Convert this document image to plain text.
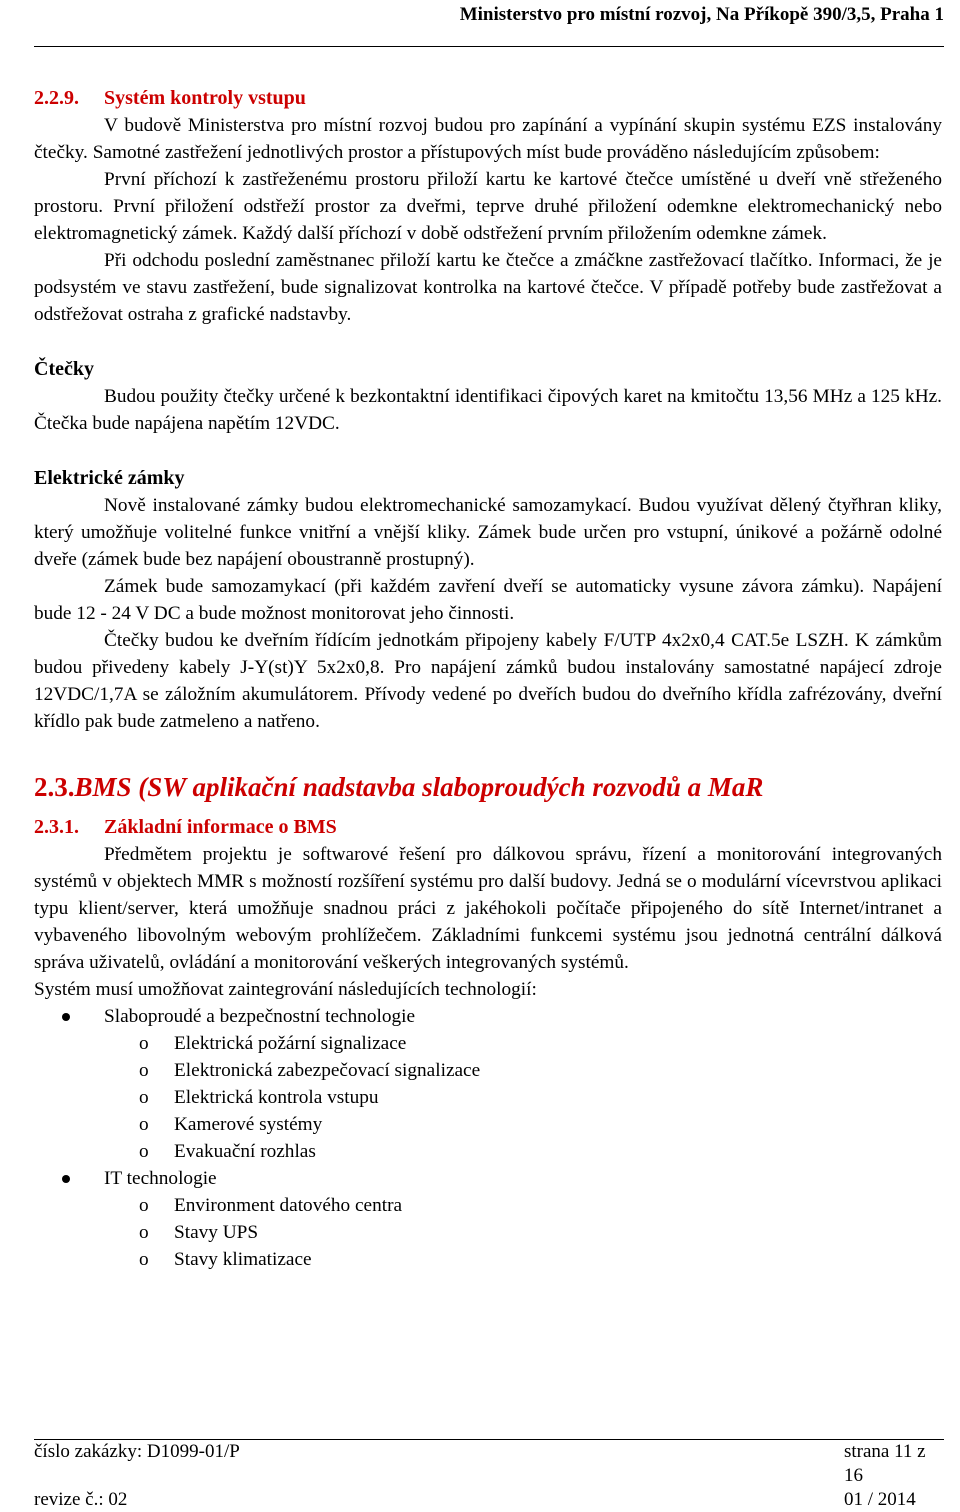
Ministerstvo pro místní rozvoj, Na Příkopě 390/3,5, Praha 1
2.2.9. Systém kontroly vstupu

V budově Ministerstva pro místní rozvoj budou pro zapínání a vypínání skupin systému EZS instalovány čtečky. Samotné zastřežení jednotlivých prostor a přístupových míst bude prováděno následujícím způsobem:

První příchozí k zastřeženému prostoru přiloží kartu ke kartové čtečce umístěné u dveří vně střeženého prostoru. První přiložení odstřeží prostor za dveřmi, teprve druhé přiložení odemkne elektromechanický nebo elektromagnetický zámek. Každý další příchozí v době odstřežení prvním přiložením odemkne zámek.

Při odchodu poslední zaměstnanec přiloží kartu ke čtečce a zmáčkne zastřežovací tlačítko. Informaci, že je podsystém ve stavu zastřežení, bude signalizovat kontrolka na kartové čtečce. V případě potřeby bude zastřežovat a odstřežovat ostraha z grafické nadstavby.

Čtečky

Budou použity čtečky určené k bezkontaktní identifikaci čipových karet na kmitočtu 13,56 MHz a 125 kHz. Čtečka bude napájena napětím 12VDC.

Elektrické zámky

Nově instalované zámky budou elektromechanické samozamykací. Budou využívat dělený čtyřhran kliky, který umožňuje volitelné funkce vnitřní a vnější kliky. Zámek bude určen pro vstupní, únikové a požárně odolné dveře (zámek bude bez napájení oboustranně prostupný).

Zámek bude samozamykací (při každém zavření dveří se automaticky vysune závora zámku). Napájení bude 12 - 24 V DC a bude možnost monitorovat jeho činnosti.

Čtečky budou ke dveřním řídícím jednotkám připojeny kabely F/UTP 4x2x0,4 CAT.5e LSZH. K zámkům budou přivedeny kabely J-Y(st)Y 5x2x0,8. Pro napájení zámků budou instalovány samostatné napájecí zdroje 12VDC/1,7A se záložním akumulátorem. Přívody vedené po dveřích budou do dveřního křídla zafrézovány, dveřní křídlo pak bude zatmeleno a natřeno.

2.3.BMS (SW aplikační nadstavba slaboproudých rozvodů a MaR
2.3.1. Základní informace o BMS

Předmětem projektu je softwarové řešení pro dálkovou správu, řízení a monitorování integrovaných systémů v objektech MMR s možností rozšíření systému pro další budovy. Jedná se o modulární vícevrstvou aplikaci typu klient/server, která umožňuje snadnou práci z jakéhokoli počítače připojeného do sítě Internet/intranet a vybaveného libovolným webovým prohlížečem. Základními funkcemi systému jsou jednotná centrální dálková správa uživatelů, ovládání a monitorování veškerých integrovaných systémů.

Systém musí umožňovat zaintegrování následujících technologií:

Slaboproudé a bezpečnostní technologie
o Elektrická požární signalizace
o Elektronická zabezpečovací signalizace
o Elektrická kontrola vstupu
o Kamerové systémy
o Evakuační rozhlas
IT technologie
o Environment datového centra
o Stavy UPS
o Stavy klimatizace
číslo zakázky: D1099-01/P	strana 11 z 16
revize č.: 02	01 / 2014
